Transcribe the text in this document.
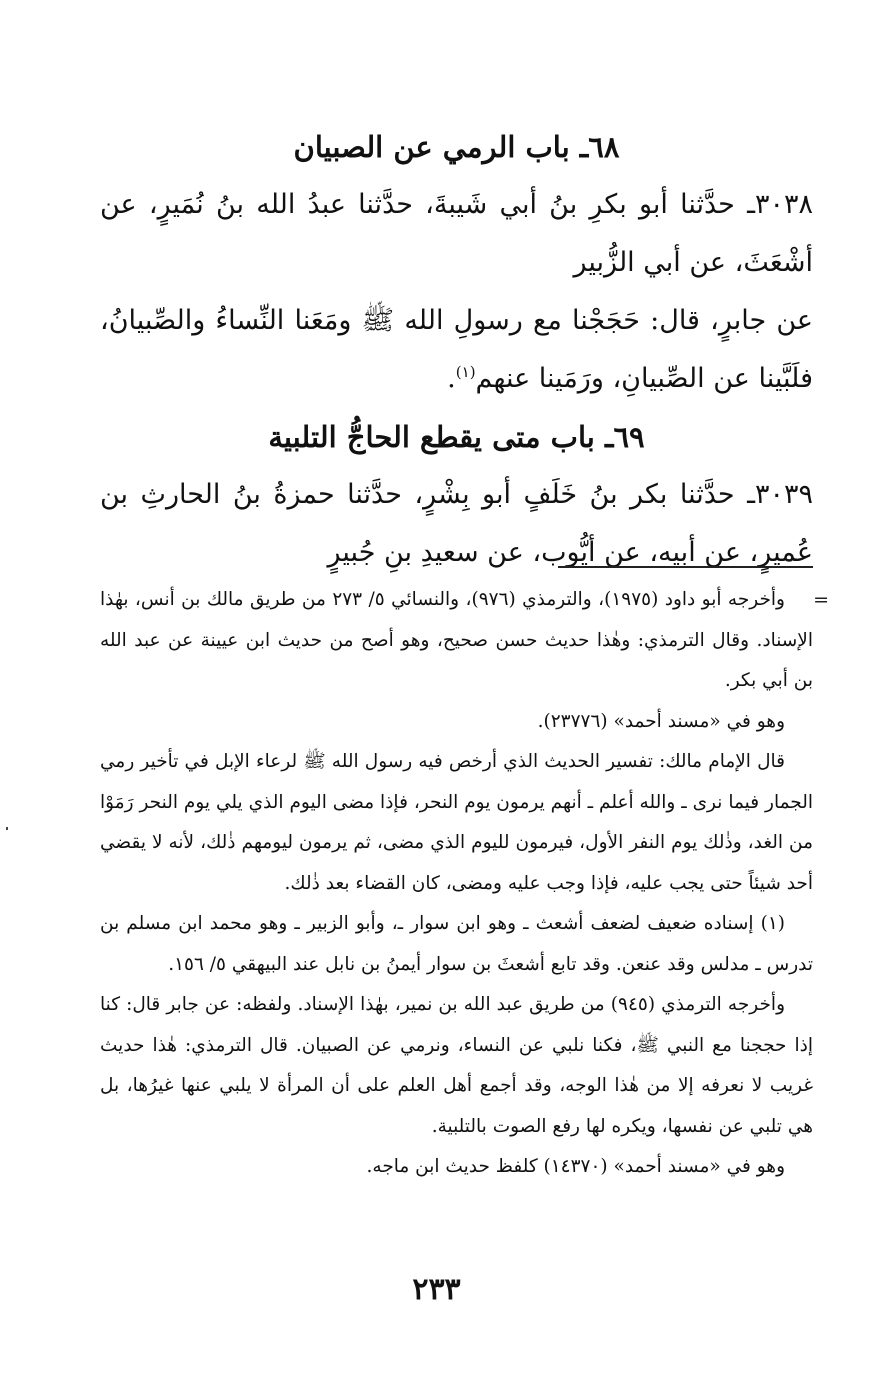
٦٨ـ باب الرمي عن الصبيان

٣٠٣٨ـ حدَّثنا أبو بكرِ بنُ أبي شَيبةَ، حدَّثنا عبدُ الله بنُ نُمَيرٍ، عن أشْعَثَ، عن أبي الزُّبير

عن جابرٍ، قال: حَجَجْنا مع رسولِ الله ﷺ ومَعَنا النِّساءُ والصِّبيانُ، فلَبَّينا عن الصِّبيانِ، ورَمَينا عنهم$^{(١)}$.

٦٩ـ باب متى يقطع الحاجُّ التلبية

٣٠٣٩ـ حدَّثنا بكر بنُ خَلَفٍ أبو بِشْرٍ، حدَّثنا حمزةُ بنُ الحارثِ بن عُميرٍ، عن أبيه، عن أيُّوب، عن سعيدِ بنِ جُبيرٍ

=

وأخرجه أبو داود (١٩٧٥)، والترمذي (٩٧٦)، والنسائي ٥/ ٢٧٣ من طريق مالك بن أنس، بهٰذا الإسناد. وقال الترمذي: وهٰذا حديث حسن صحيح، وهو أصح من حديث ابن عيينة عن عبد الله بن أبي بكر.

وهو في «مسند أحمد» (٢٣٧٧٦).

قال الإمام مالك: تفسير الحديث الذي أرخص فيه رسول الله ﷺ لرعاء الإبل في تأخير رمي الجمار فيما نرى ـ والله أعلم ـ أنهم يرمون يوم النحر، فإذا مضى اليوم الذي يلي يوم النحر رَمَوْا من الغد، وذٰلك يوم النفر الأول، فيرمون لليوم الذي مضى، ثم يرمون ليومهم ذٰلك، لأنه لا يقضي أحد شيئاً حتى يجب عليه، فإذا وجب عليه ومضى، كان القضاء بعد ذٰلك.

(١) إسناده ضعيف لضعف أشعث ـ وهو ابن سوار ـ، وأبو الزبير ـ وهو محمد ابن مسلم بن تدرس ـ مدلس وقد عنعن. وقد تابع أشعثَ بن سوار أيمنُ بن نابل عند البيهقي ٥/ ١٥٦.

وأخرجه الترمذي (٩٤٥) من طريق عبد الله بن نمير، بهٰذا الإسناد. ولفظه: عن جابر قال: كنا إذا حججنا مع النبي ﷺ، فكنا نلبي عن النساء، ونرمي عن الصبيان. قال الترمذي: هٰذا حديث غريب لا نعرفه إلا من هٰذا الوجه، وقد أجمع أهل العلم على أن المرأة لا يلبي عنها غيرُها، بل هي تلبي عن نفسها، ويكره لها رفع الصوت بالتلبية.

وهو في «مسند أحمد» (١٤٣٧٠) كلفظ حديث ابن ماجه.

٢٣٣
